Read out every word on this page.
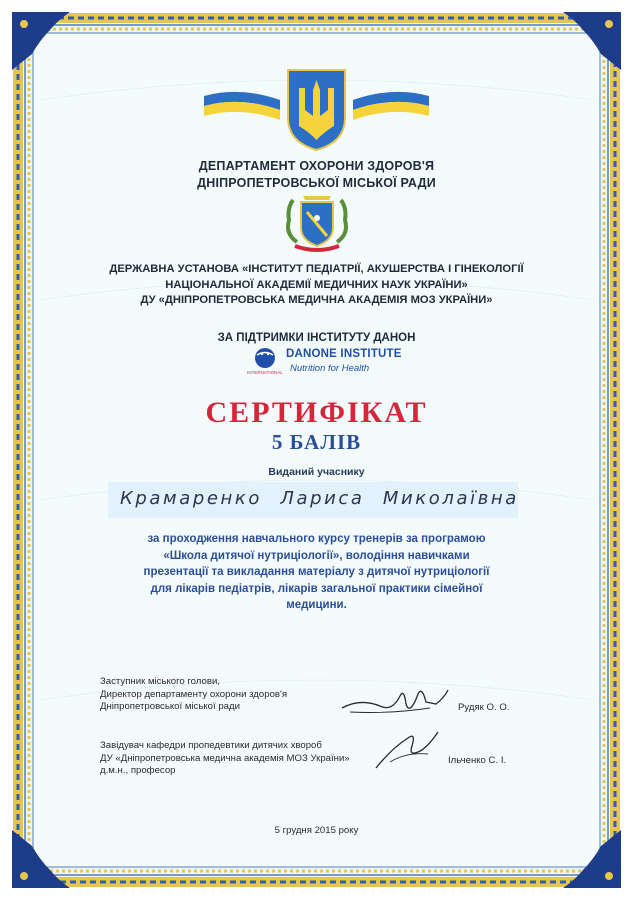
ДЕПАРТАМЕНТ ОХОРОНИ ЗДОРОВ'Я
ДНІПРОПЕТРОВСЬКОЇ МІСЬКОЇ РАДИ
ДЕРЖАВНА УСТАНОВА «ІНСТИТУТ ПЕДІАТРІЇ, АКУШЕРСТВА І ГІНЕКОЛОГІЇ
НАЦІОНАЛЬНОЇ АКАДЕМІЇ МЕДИЧНИХ НАУК УКРАЇНИ»
ДУ «ДНІПРОПЕТРОВСЬКА МЕДИЧНА АКАДЕМІЯ МОЗ УКРАЇНИ»
ЗА ПІДТРИМКИ ІНСТИТУТУ ДАНОН
INTERNATIONAL
DANONE INSTITUTE
Nutrition for Health
СЕРТИФІКАТ
5 БАЛІВ
Виданий учаснику
Крамаренко Лариса Миколаївна
за проходження навчального курсу тренерів за програмою
«Школа дитячої нутриціології», володіння навичками
презентації та викладання матеріалу з дитячої нутриціології
для лікарів педіатрів, лікарів загальної практики сімейної
медицини.
Заступник міського голови,
Директор департаменту охорони здоров'я
Дніпропетровської міської ради	Рудяк О. О.
Завідувач кафедри пропедевтики дитячих хвороб
ДУ «Дніпропетровська медична академія МОЗ України»
д.м.н., професор
Ільченко С. І.
5 грудня 2015 року
